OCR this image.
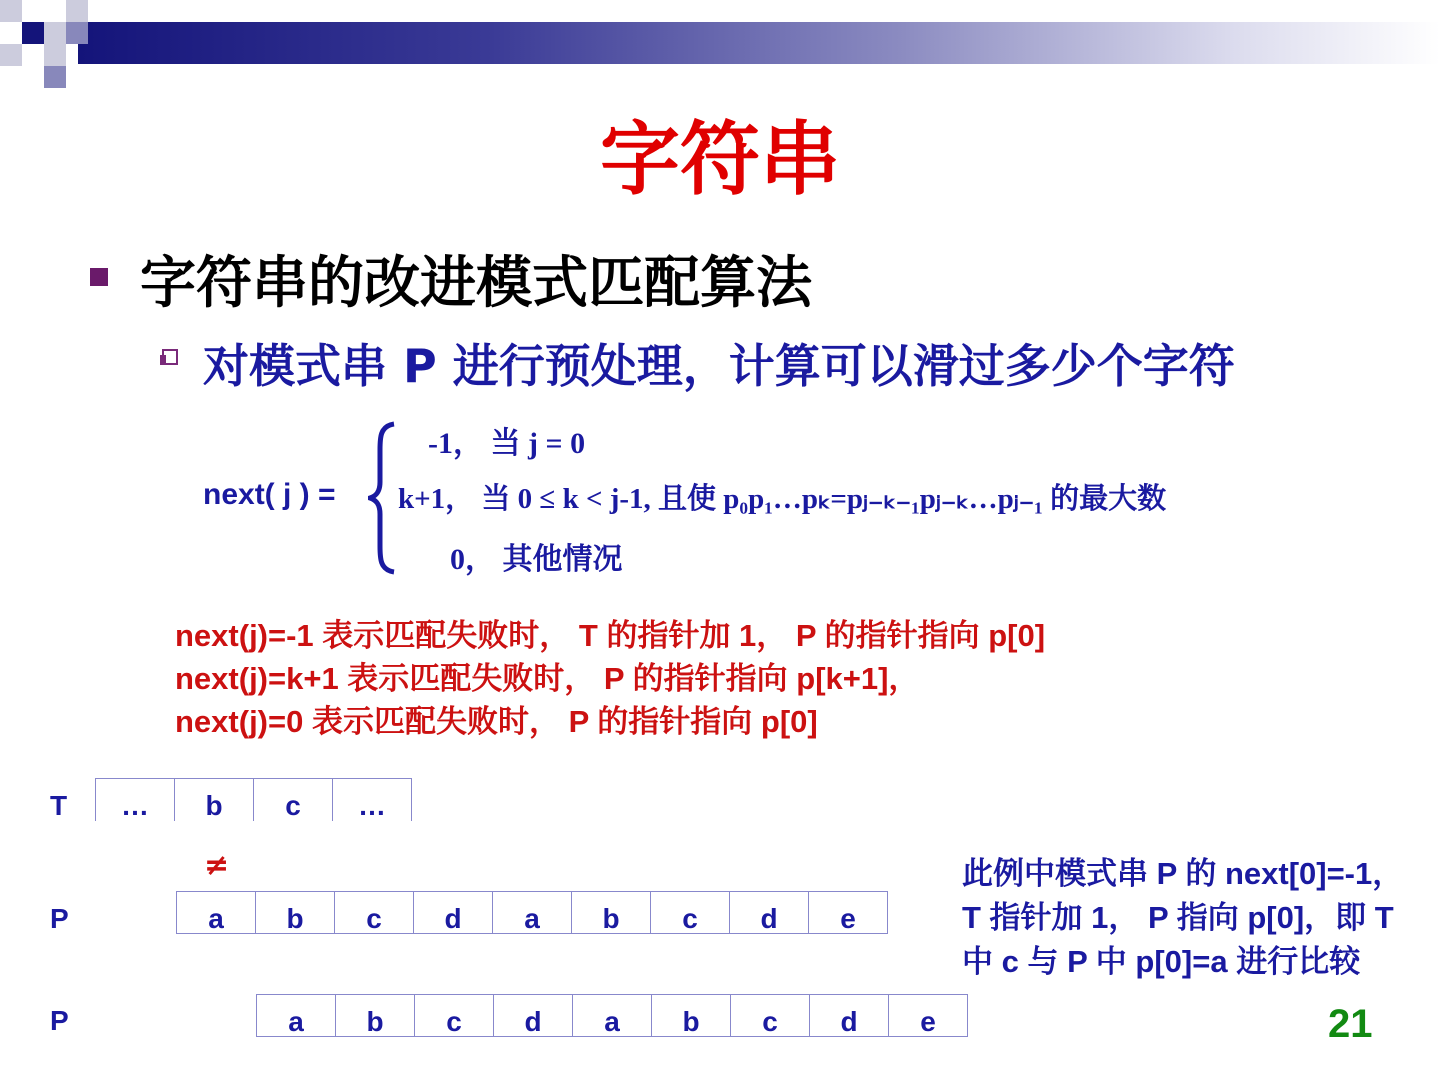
字符串
字符串的改进模式匹配算法
对模式串 P 进行预处理，计算可以滑过多少个字符
next( j ) =
-1， 当 j = 0
k+1， 当 0 ≤ k < j-1, 且使 p₀p₁…pₖ=pⱼ₋ₖ₋₁pⱼ₋ₖ…pⱼ₋₁ 的最大数
0， 其他情况
next(j)=-1 表示匹配失败时， T 的指针加 1， P 的指针指向 p[0]
next(j)=k+1 表示匹配失败时， P 的指针指向 p[k+1]，
next(j)=0 表示匹配失败时， P 的指针指向 p[0]
T	…	b	c	…
≠
P	a	b	c	d	a	b	c	d	e
P	a	b	c	d	a	b	c	d	e
此例中模式串 P 的 next[0]=-1，T 指针加 1， P 指向 p[0]，即 T 中 c 与 P 中 p[0]=a 进行比较
21
